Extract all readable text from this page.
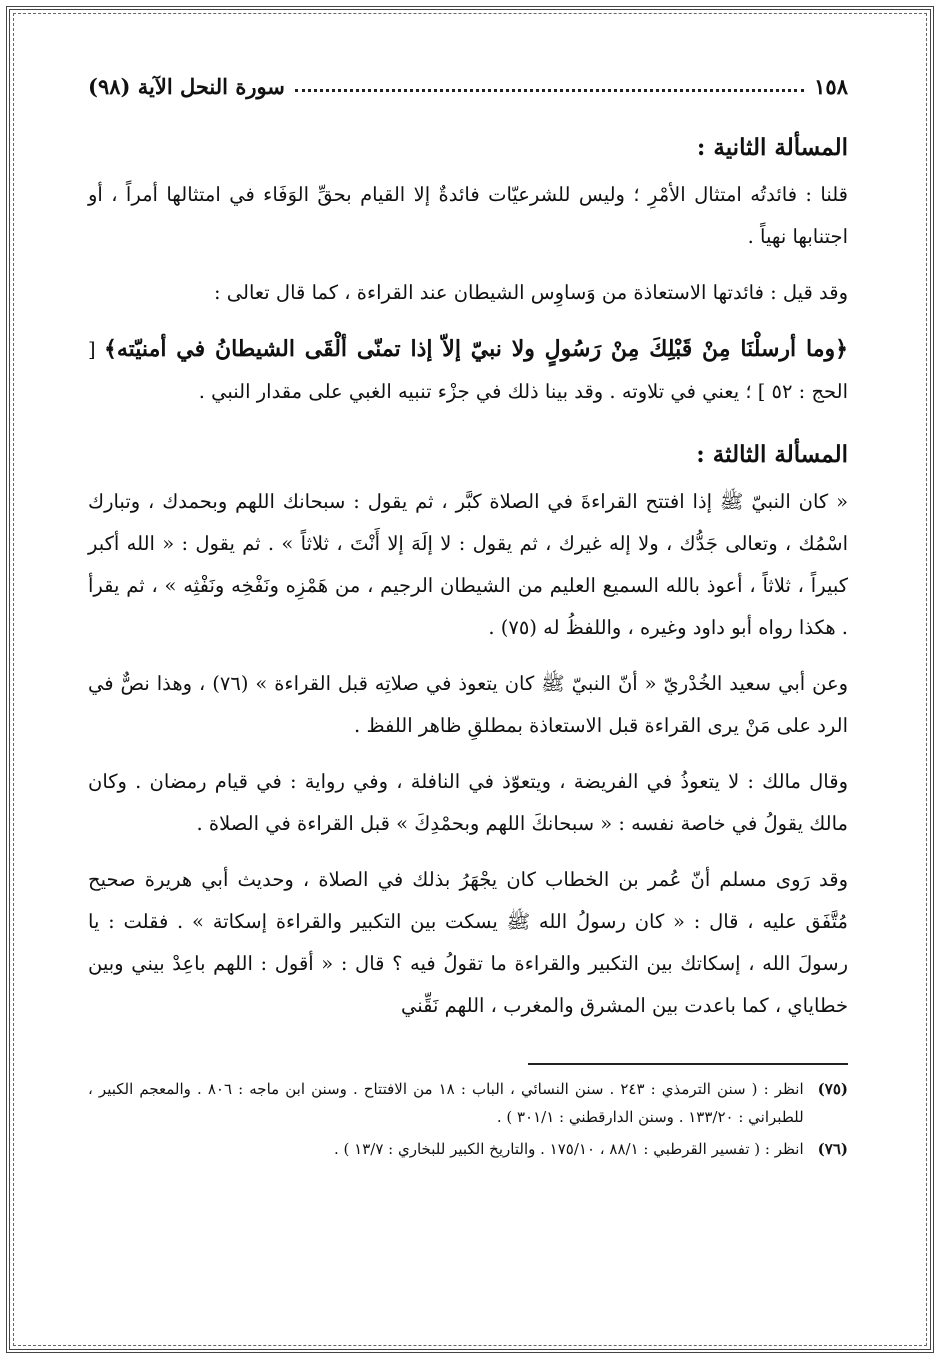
١٥٨
سورة النحل الآية (٩٨)
المسألة الثانية :

قلنا : فائدتُه امتثال الأمْرِ ؛ وليس للشرعيّات فائدةٌ إلا القيام بحقِّ الوَفَاء في امتثالها أمراً ، أو اجتنابها نهياً .

وقد قيل : فائدتها الاستعاذة من وَساوِس الشيطان عند القراءة ، كما قال تعالى :

﴿وما أرسلْنَا مِنْ قَبْلِكَ مِنْ رَسُولٍ ولا نبيّ إلاّ إذا تمنّى ألْقَى الشيطانُ في أمنيّته﴾ [ الحج : ٥٢ ] ؛ يعني في تلاوته . وقد بينا ذلك في جزْء تنبيه الغبي على مقدار النبي .

المسألة الثالثة :

« كان النبيّ ﷺ إذا افتتح القراءةَ في الصلاة كبَّر ، ثم يقول : سبحانك اللهم وبحمدك ، وتبارك اسْمُك ، وتعالى جَدُّك ، ولا إله غيرك ، ثم يقول : لا إلَهَ إلا أَنْتَ ، ثلاثاً » . ثم يقول : « الله أكبر كبيراً ، ثلاثاً ، أعوذ بالله السميع العليم من الشيطان الرجيم ، من هَمْزِه ونَفْخِه ونَفْثِه » ، ثم يقرأ . هكذا رواه أبو داود وغيره ، واللفظُ له (٧٥) .

وعن أبي سعيد الخُدْريّ « أنّ النبيّ ﷺ كان يتعوذ في صلاتِه قبل القراءة » (٧٦) ، وهذا نصٌّ في الرد على مَنْ يرى القراءة قبل الاستعاذة بمطلقِ ظاهر اللفظ .

وقال مالك : لا يتعوذُ في الفريضة ، ويتعوّذ في النافلة ، وفي رواية : في قيام رمضان . وكان مالك يقولُ في خاصة نفسه : « سبحانكَ اللهم وبحمْدِكَ » قبل القراءة في الصلاة .

وقد رَوى مسلم أنّ عُمر بن الخطاب كان يجْهَرُ بذلك في الصلاة ، وحديث أبي هريرة صحيح مُتَّفَق عليه ، قال : « كان رسولُ الله ﷺ يسكت بين التكبير والقراءة إسكاتة » . فقلت : يا رسولَ الله ، إسكاتك بين التكبير والقراءة ما تقولُ فيه ؟ قال : « أقول : اللهم باعِدْ بيني وبين خطاياي ، كما باعدت بين المشرق والمغرب ، اللهم نَقِّني

(٧٥)
انظر : ( سنن الترمذي : ٢٤٣ . سنن النسائي ، الباب : ١٨ من الافتتاح . وسنن ابن ماجه : ٨٠٦ . والمعجم الكبير ، للطبراني : ١٣٣/٢٠ . وسنن الدارقطني : ٣٠١/١ ) .
(٧٦)
انظر : ( تفسير القرطبي : ٨٨/١ ، ١٧٥/١٠ . والتاريخ الكبير للبخاري : ١٣/٧ ) .
